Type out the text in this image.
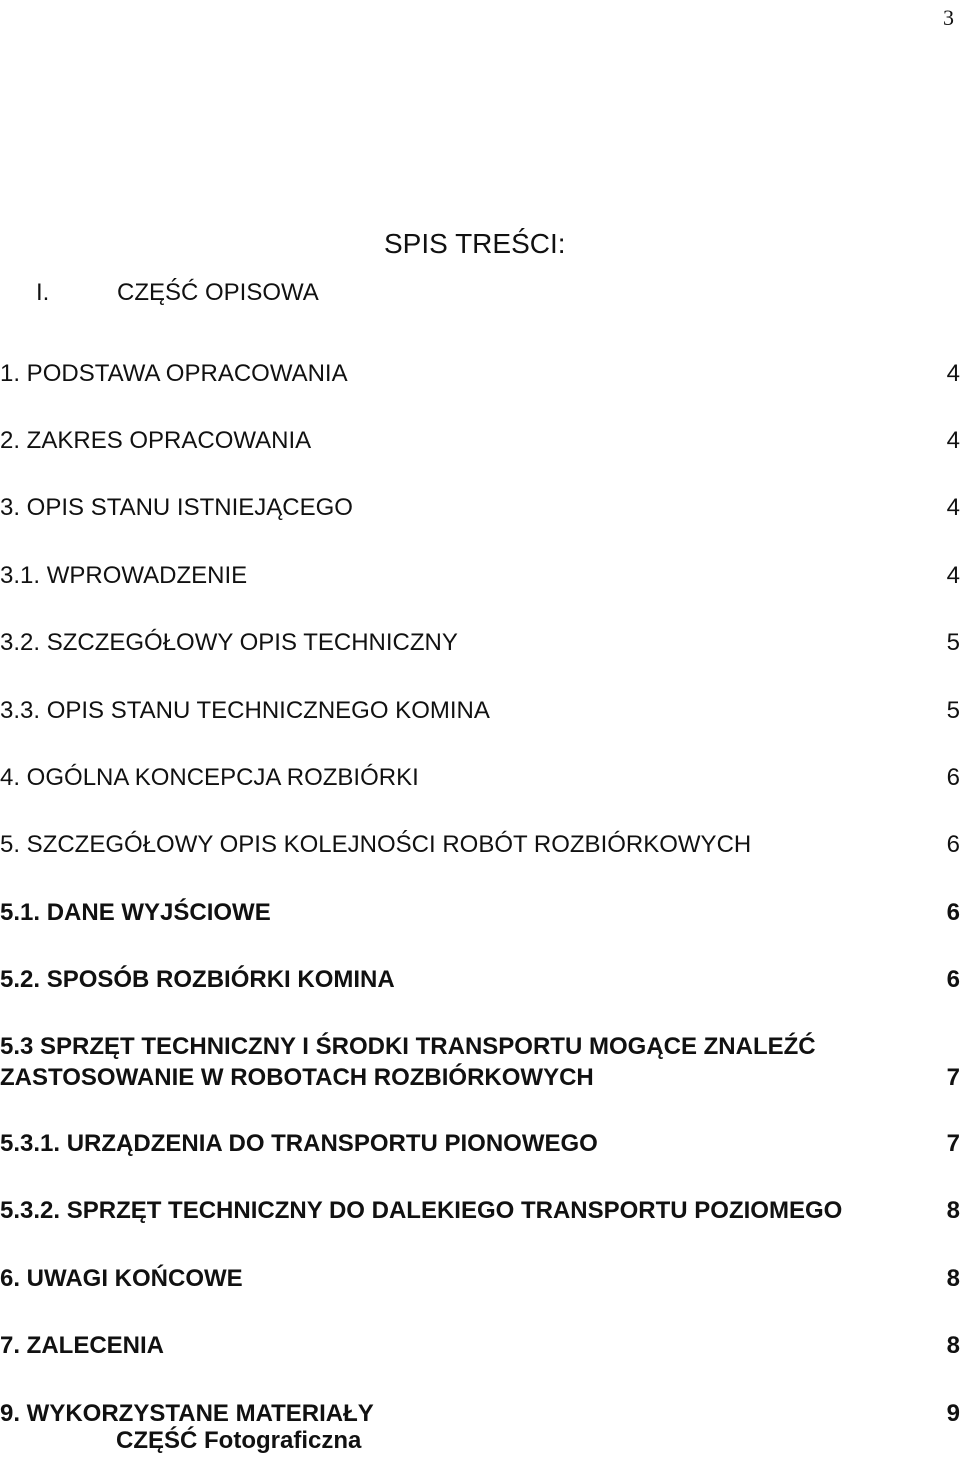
3
SPIS TREŚCI:
I.	CZĘŚĆ OPISOWA
1. PODSTAWA OPRACOWANIA	4
2. ZAKRES OPRACOWANIA	4
3. OPIS STANU ISTNIEJĄCEGO	4
3.1. WPROWADZENIE	4
3.2. SZCZEGÓŁOWY OPIS TECHNICZNY	5
3.3. OPIS STANU TECHNICZNEGO KOMINA	5
4. OGÓLNA KONCEPCJA ROZBIÓRKI	6
5. SZCZEGÓŁOWY OPIS KOLEJNOŚCI ROBÓT ROZBIÓRKOWYCH	6
5.1. DANE WYJŚCIOWE	6
5.2. SPOSÓB ROZBIÓRKI KOMINA	6
5.3 SPRZĘT TECHNICZNY I ŚRODKI TRANSPORTU MOGĄCE ZNALEŹĆ
ZASTOSOWANIE W ROBOTACH ROZBIÓRKOWYCH	7
5.3.1. URZĄDZENIA DO TRANSPORTU PIONOWEGO	7
5.3.2. SPRZĘT TECHNICZNY DO DALEKIEGO TRANSPORTU POZIOMEGO	8
6. UWAGI KOŃCOWE	8
7. ZALECENIA	8
9. WYKORZYSTANE MATERIAŁY	9
CZĘŚĆ Fotograficzna
